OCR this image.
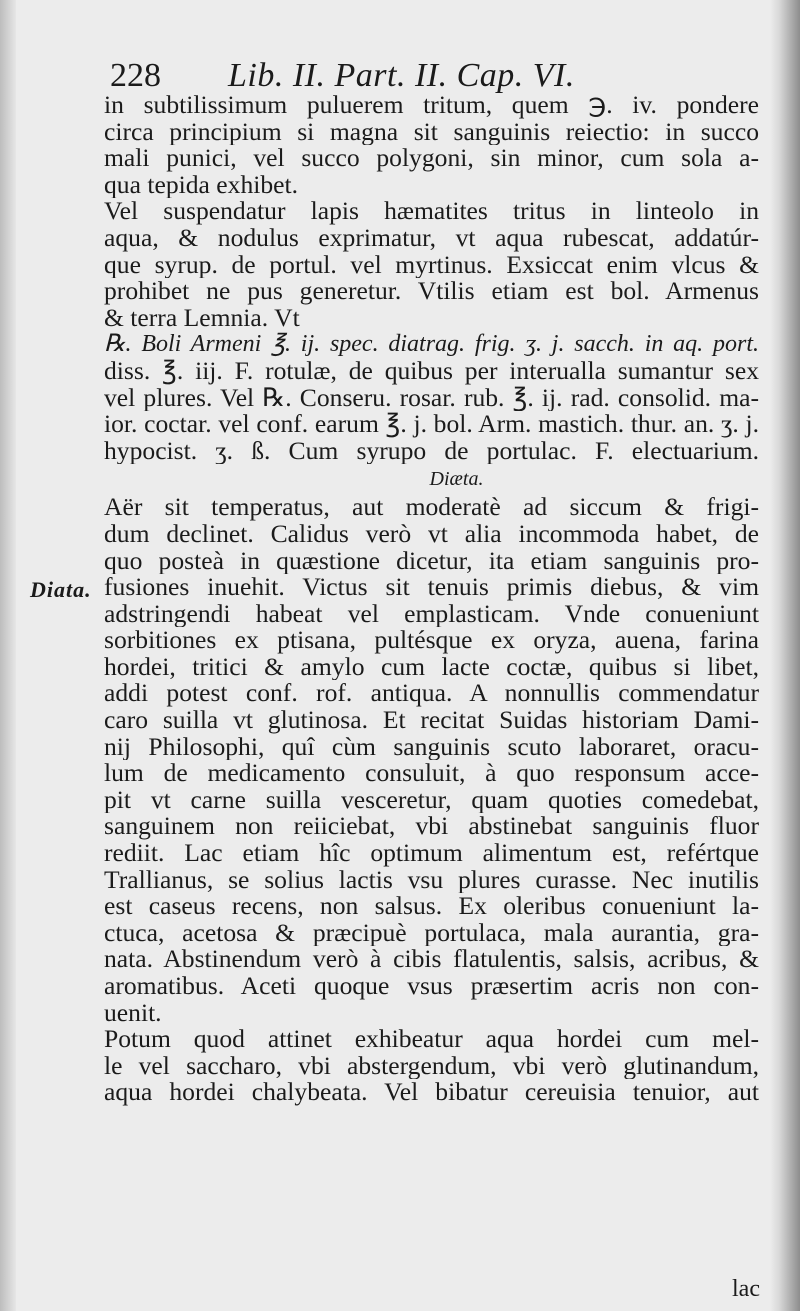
228 Lib. II. Part. II. Cap. VI.
Diata.
in subtilissimum puluerem tritum, quem ℈. iv. pondere
circa principium si magna sit sanguinis reiectio: in succo
mali punici, vel succo polygoni, sin minor, cum sola a-
qua tepida exhibet.
Vel suspendatur lapis hæmatites tritus in linteolo in
aqua, & nodulus exprimatur, vt aqua rubescat, addatúr-
que syrup. de portul. vel myrtinus. Exsiccat enim vlcus &
prohibet ne pus generetur. Vtilis etiam est bol. Armenus
& terra Lemnia. Vt
℞. Boli Armeni ℥. ij. spec. diatrag. frig. ʒ. j. sacch. in aq. port.
diss. ℥. iij. F. rotulæ, de quibus per interualla sumantur sex
vel plures. Vel ℞. Conseru. rosar. rub. ℥. ij. rad. consolid. ma-
ior. coctar. vel conf. earum ℥. j. bol. Arm. mastich. thur. an. ʒ. j.
hypocist. ʒ. ß. Cum syrupo de portulac. F. electuarium.
Diæta.
Aër sit temperatus, aut moderatè ad siccum & frigi-
dum declinet. Calidus verò vt alia incommoda habet, de
quo posteà in quæstione dicetur, ita etiam sanguinis pro-
fusiones inuehit. Victus sit tenuis primis diebus, & vim
adstringendi habeat vel emplasticam. Vnde conueniunt
sorbitiones ex ptisana, pultésque ex oryza, auena, farina
hordei, tritici & amylo cum lacte coctæ, quibus si libet,
addi potest conf. rof. antiqua. A nonnullis commendatur
caro suilla vt glutinosa. Et recitat Suidas historiam Dami-
nij Philosophi, quî cùm sanguinis scuto laboraret, oracu-
lum de medicamento consuluit, à quo responsum acce-
pit vt carne suilla vesceretur, quam quoties comedebat,
sanguinem non reiiciebat, vbi abstinebat sanguinis fluor
rediit. Lac etiam hîc optimum alimentum est, refértque
Trallianus, se solius lactis vsu plures curasse. Nec inutilis
est caseus recens, non salsus. Ex oleribus conueniunt la-
ctuca, acetosa & præcipuè portulaca, mala aurantia, gra-
nata. Abstinendum verò à cibis flatulentis, salsis, acribus, &
aromatibus. Aceti quoque vsus præsertim acris non con-
uenit.
Potum quod attinet exhibeatur aqua hordei cum mel-
le vel saccharo, vbi abstergendum, vbi verò glutinandum,
aqua hordei chalybeata. Vel bibatur cereuisia tenuior, aut
lac
